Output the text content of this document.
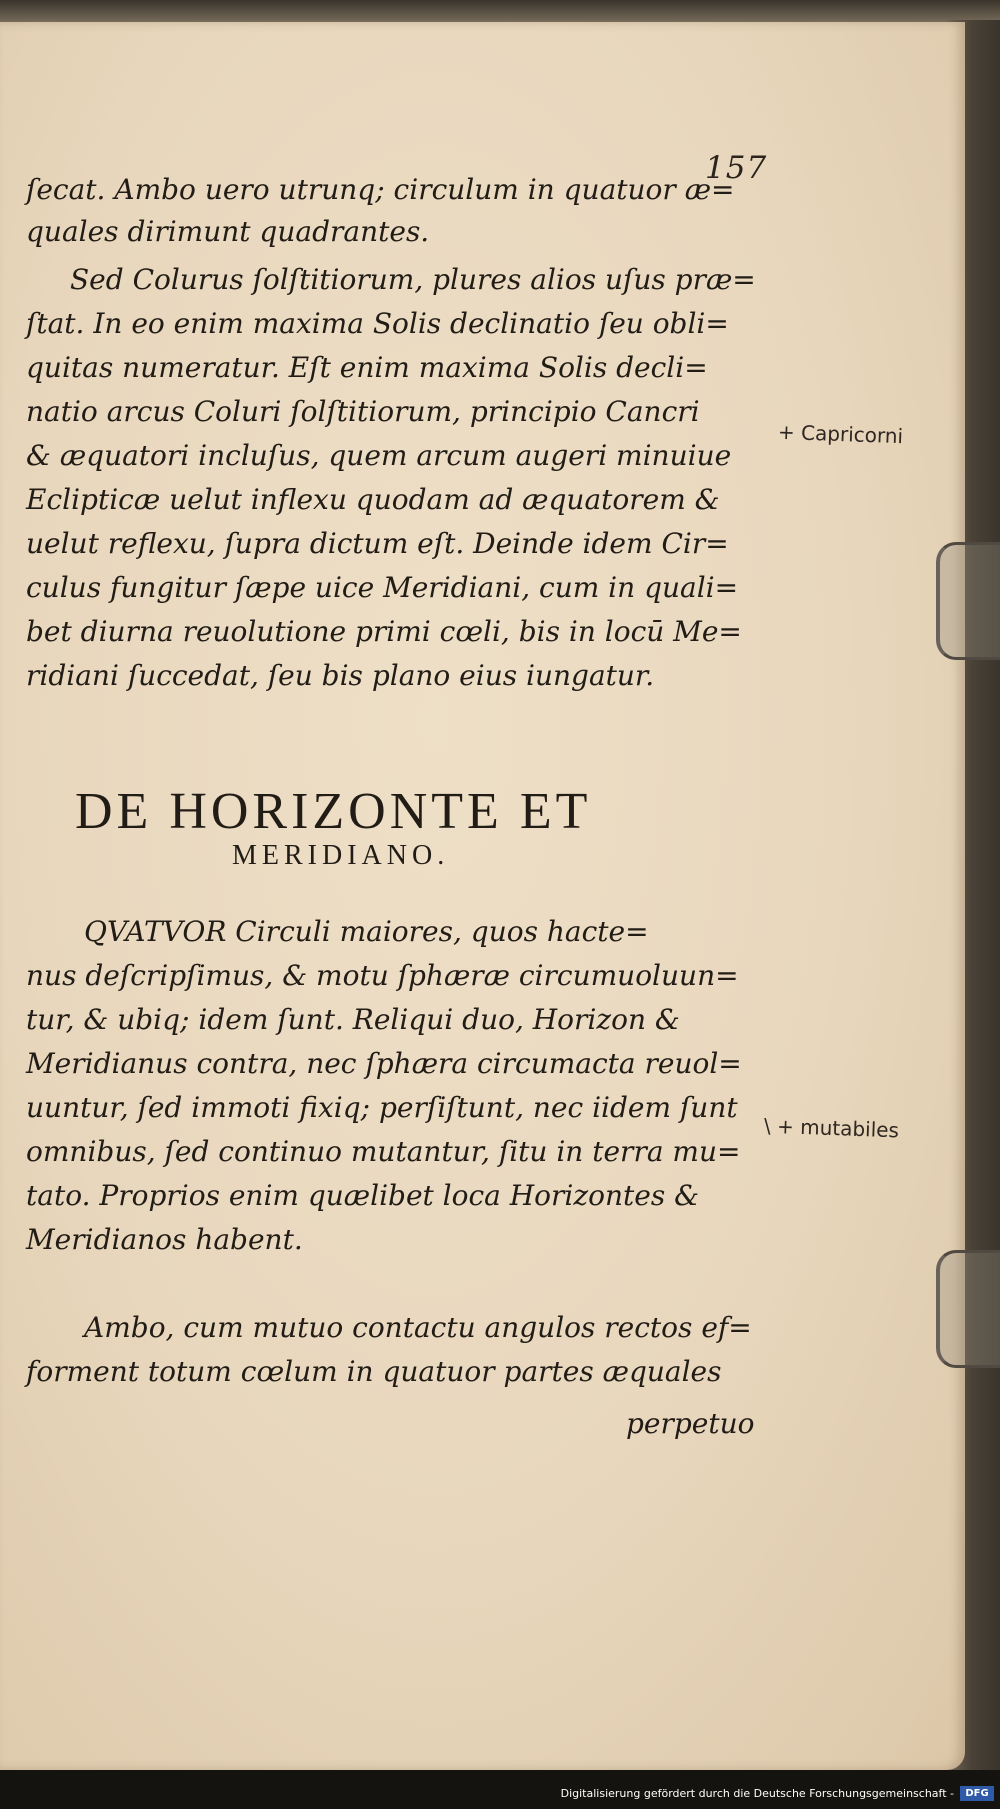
157
ſecat. Ambo uero utrunq; circulum in quatuor æ=
quales dirimunt quadrantes.
Sed Colurus ſolſtitiorum, plures alios uſus præ=
ſtat. In eo enim maxima Solis declinatio ſeu obli=
quitas numeratur. Eſt enim maxima Solis decli=
natio arcus Coluri ſolſtitiorum, principio Cancri
& æquatori incluſus, quem arcum augeri minuiue
Eclipticæ uelut inflexu quodam ad æquatorem &
uelut reflexu, ſupra dictum eſt. Deinde idem Cir=
culus fungitur ſæpe uice Meridiani, cum in quali=
bet diurna reuolutione primi cœli, bis in locū Me=
ridiani ſuccedat, ſeu bis plano eius iungatur.
DE HORIZONTE ET
MERIDIANO.
QVATVOR Circuli maiores, quos hacte=
nus deſcripſimus, & motu ſphæræ circumuoluun=
tur, & ubiq; idem ſunt. Reliqui duo, Horizon &
Meridianus contra, nec ſphæra circumacta reuol=
uuntur, ſed immoti fixiq; perſiſtunt, nec iidem ſunt
omnibus, ſed continuo mutantur, ſitu in terra mu=
tato. Proprios enim quælibet loca Horizontes &
Meridianos habent.
Ambo, cum mutuo contactu angulos rectos ef=
forment totum cœlum in quatuor partes æquales
perpetuo
+ Capricorni
\ + mutabiles
Digitalisierung gefördert durch die Deutsche Forschungsgemeinschaft -	DFG
